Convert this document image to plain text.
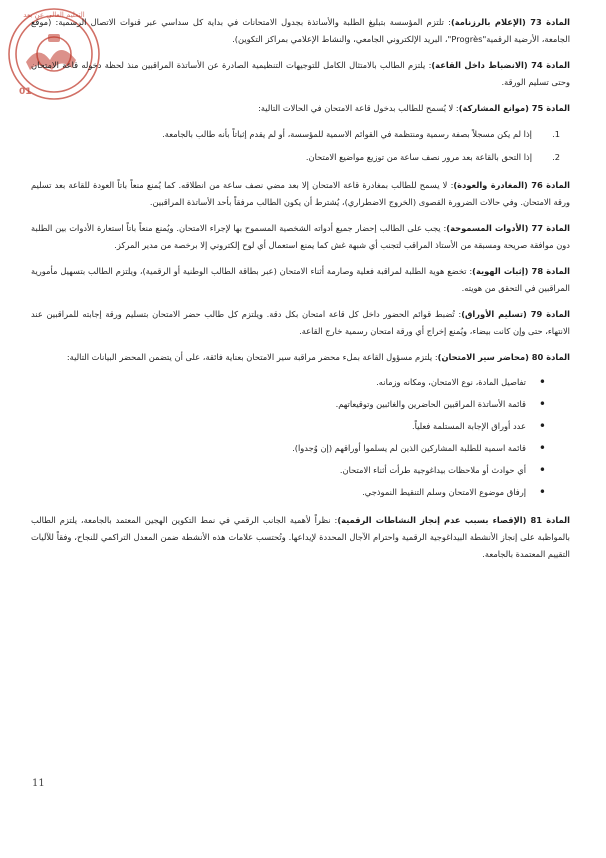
التعليم العالي عن بعد
01

المادة 73 (الإعلام بالرزنامة): تلتزم المؤسسة بتبليغ الطلبة والأساتذة بجدول الامتحانات في بداية كل سداسي عبر قنوات الاتصال الرسمية: (موقع الجامعة، الأرضية الرقمية"Progrès"، البريد الإلكتروني الجامعي، والنشاط الإعلامي بمراكز التكوين).

المادة 74 (الانضباط داخل القاعة): يلتزم الطالب بالامتثال الكامل للتوجيهات التنظيمية الصادرة عن الأساتذة المراقبين منذ لحظة دخوله قاعة الامتحان وحتى تسليم الورقة.

المادة 75 (موانع المشاركة): لا يُسمح للطالب بدخول قاعة الامتحان في الحالات التالية:

1.
إذا لم يكن مسجلاً بصفة رسمية ومنتظمة في القوائم الاسمية للمؤسسة، أو لم يقدم إثباتاً بأنه طالب بالجامعة.

2.
إذا التحق بالقاعة بعد مرور نصف ساعة من توزيع مواضيع الامتحان.

المادة 76 (المغادرة والعودة): لا يسمح للطالب بمغادرة قاعة الامتحان إلا بعد مضي نصف ساعة من انطلاقه. كما يُمنع منعاً باتاً العودة للقاعة بعد تسليم ورقة الامتحان. وفي حالات الضرورة القصوى (الخروج الاضطراري)، يُشترط أن يكون الطالب مرفقاً بأحد الأساتذة المراقبين.

المادة 77 (الأدوات المسموحة): يجب على الطالب إحضار جميع أدواته الشخصية المسموح بها لإجراء الامتحان. ويُمنع منعاً باتاً استعارة الأدوات بين الطلبة دون موافقة صريحة ومسبقة من الأستاذ المراقب لتجنب أي شبهة غش كما يمنع استعمال أي لوح إلكتروني إلا برخصة من مدير المركز.

المادة 78 (إثبات الهوية): تخضع هوية الطلبة لمراقبة فعلية وصارمة أثناء الامتحان (عبر بطاقة الطالب الوطنية أو الرقمية)، ويلتزم الطالب بتسهيل مأمورية المراقبين في التحقق من هويته.

المادة 79 (تسليم الأوراق): تُضبط قوائم الحضور داخل كل قاعة امتحان بكل دقة. ويلتزم كل طالب حضر الامتحان بتسليم ورقة إجابته للمراقبين عند الانتهاء، حتى وإن كانت بيضاء، ويُمنع إخراج أي ورقة امتحان رسمية خارج القاعة.

المادة 80 (محاضر سير الامتحان): يلتزم مسؤول القاعة بملء محضر مراقبة سير الامتحان بعناية فائقة، على أن يتضمن المحضر البيانات التالية:

• تفاصيل المادة، نوع الامتحان، ومكانه وزمانه.
• قائمة الأساتذة المراقبين الحاضرين والغائبين وتوقيعاتهم.
• عدد أوراق الإجابة المستلمة فعلياً.
• قائمة اسمية للطلبة المشاركين الذين لم يسلموا أوراقهم (إن وُجدوا).
• أي حوادث أو ملاحظات بيداغوجية طرأت أثناء الامتحان.
• إرفاق موضوع الامتحان وسلم التنقيط النموذجي.

المادة 81 (الإقصاء بسبب عدم إنجاز النشاطات الرقمية): نظراً لأهمية الجانب الرقمي في نمط التكوين الهجين المعتمد بالجامعة، يلتزم الطالب بالمواظبة على إنجاز الأنشطة البيداغوجية الرقمية واحترام الآجال المحددة لإيداعها. وتُحتسب علامات هذه الأنشطة ضمن المعدل التراكمي للنجاح، وفقاً للآليات التقييم المعتمدة بالجامعة.

11
